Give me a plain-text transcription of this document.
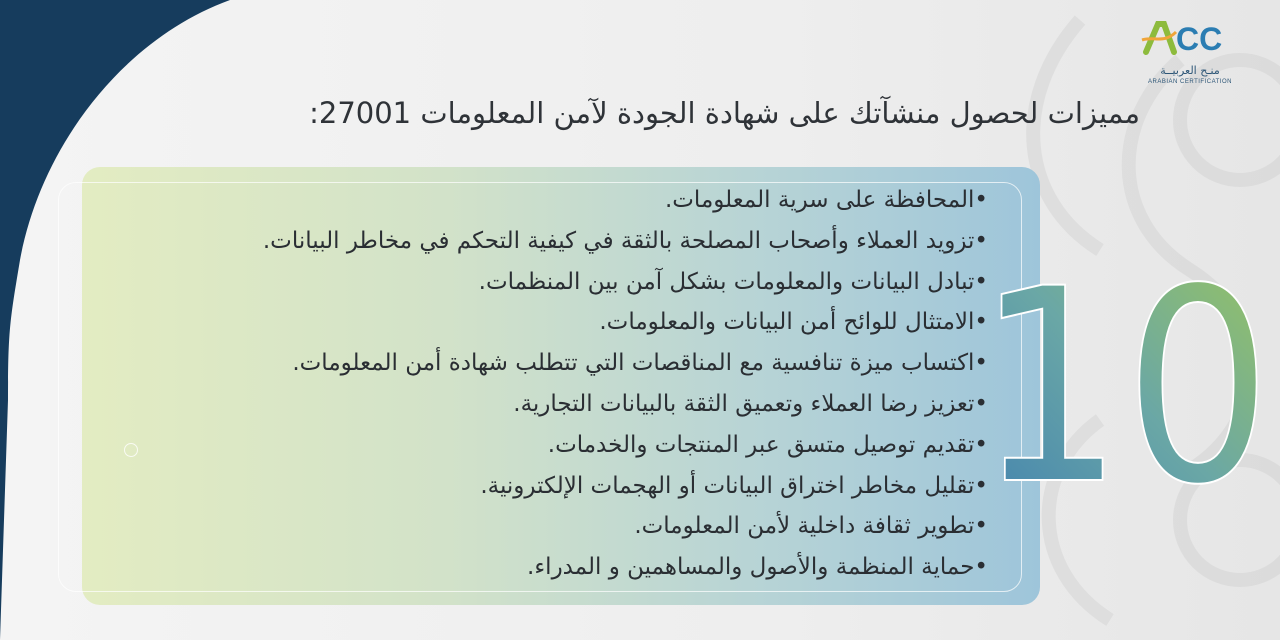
CC
منـح العربيــة
ARABIAN CERTIFICATION
مميزات لحصول منشآتك على شهادة الجودة لآمن المعلومات 27001:
•المحافظة على سرية المعلومات.
•تزويد العملاء وأصحاب المصلحة بالثقة في كيفية التحكم في مخاطر البيانات.
•تبادل البيانات والمعلومات بشكل آمن بين المنظمات.
•الامتثال للوائح أمن البيانات والمعلومات.
•اكتساب ميزة تنافسية مع المناقصات التي تتطلب شهادة أمن المعلومات.
•تعزيز رضا العملاء وتعميق الثقة بالبيانات التجارية.
•تقديم توصيل متسق عبر المنتجات والخدمات.
•تقليل مخاطر اختراق البيانات أو الهجمات الإلكترونية.
•تطوير ثقافة داخلية لأمن المعلومات.
•حماية المنظمة والأصول والمساهمين و المدراء.
10
